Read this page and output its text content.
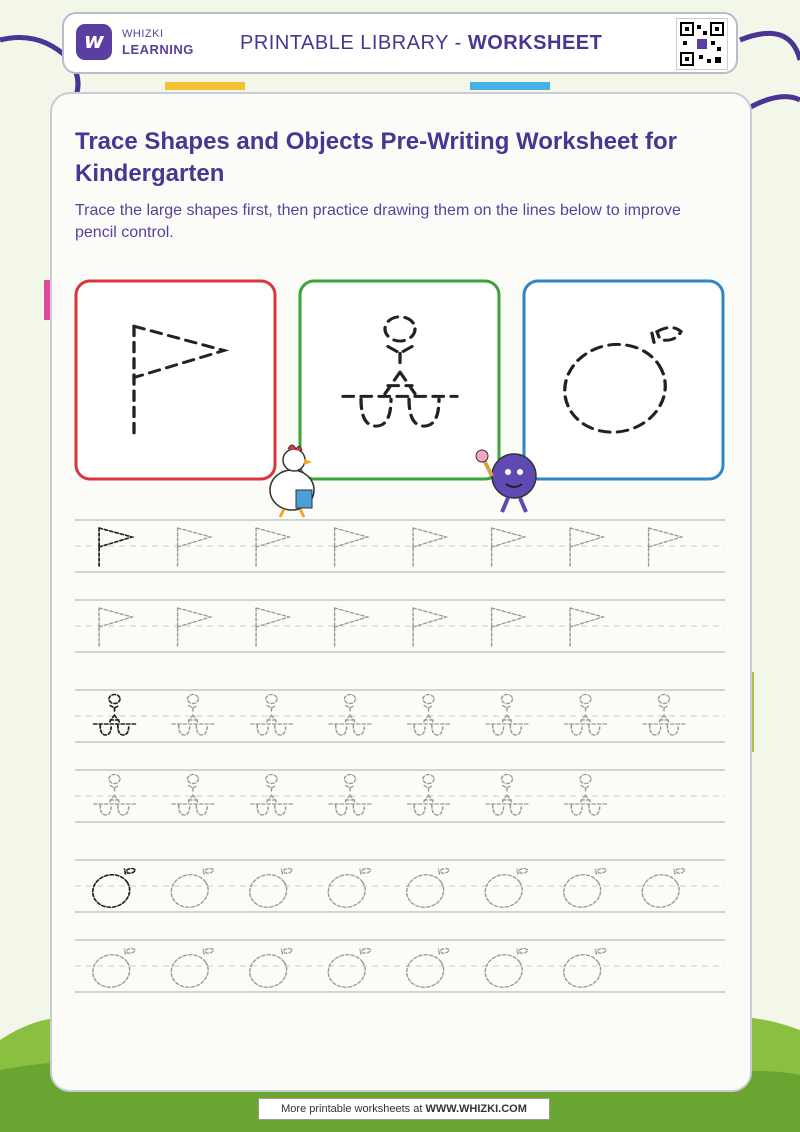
w	WHIZKI
LEARNING PRINTABLE LIBRARY - WORKSHEET
Trace Shapes and Objects Pre-Writing Worksheet for Kindergarten
Trace the large shapes first, then practice drawing them on the lines below to improve pencil control.
More printable worksheets at WWW.WHIZKI.COM
